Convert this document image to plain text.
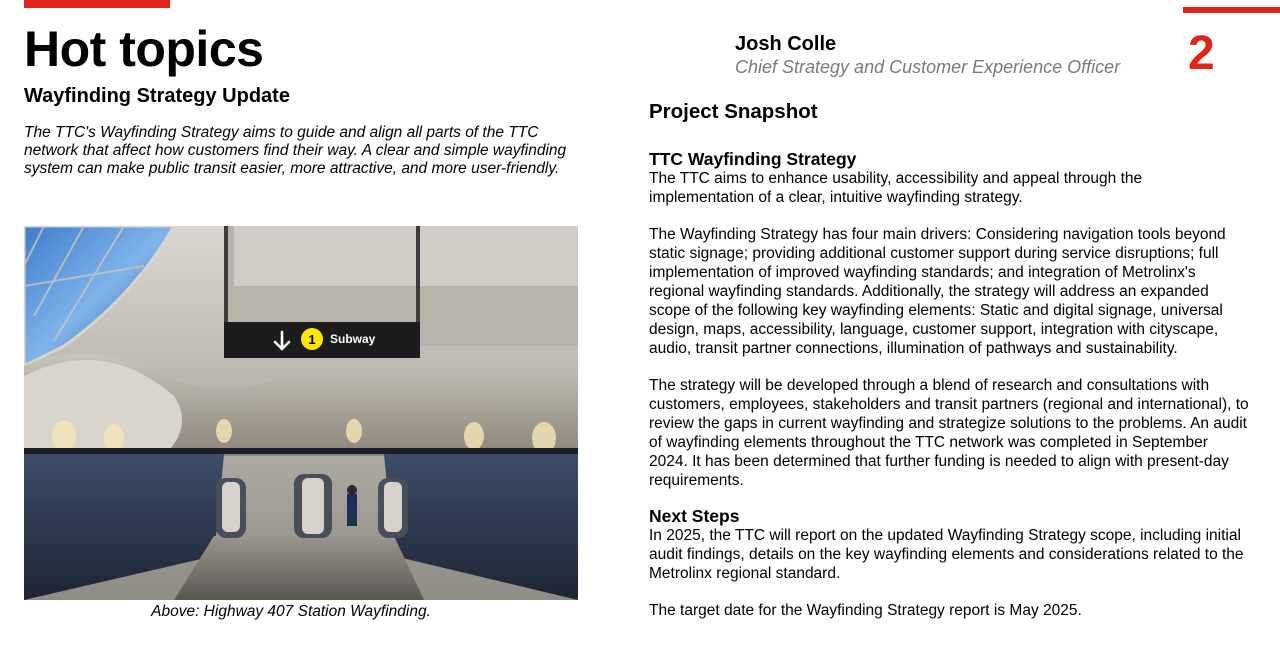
Hot topics
Wayfinding Strategy Update

The TTC's Wayfinding Strategy aims to guide and align all parts of the TTC network that affect how customers find their way. A clear and simple wayfinding system can make public transit easier, more attractive, and more user-friendly.

1 Subway

Above: Highway 407 Station Wayfinding.

Josh Colle
Chief Strategy and Customer Experience Officer 2
Project Snapshot
TTC Wayfinding Strategy

The TTC aims to enhance usability, accessibility and appeal through the implementation of a clear, intuitive wayfinding strategy.

The Wayfinding Strategy has four main drivers: Considering navigation tools beyond static signage; providing additional customer support during service disruptions; full implementation of improved wayfinding standards; and integration of Metrolinx's regional wayfinding standards. Additionally, the strategy will address an expanded scope of the following key wayfinding elements: Static and digital signage, universal design, maps, accessibility, language, customer support, integration with cityscape, audio, transit partner connections, illumination of pathways and sustainability.

The strategy will be developed through a blend of research and consultations with customers, employees, stakeholders and transit partners (regional and international), to review the gaps in current wayfinding and strategize solutions to the problems. An audit of wayfinding elements throughout the TTC network was completed in September 2024. It has been determined that further funding is needed to align with present-day requirements.

Next Steps

In 2025, the TTC will report on the updated Wayfinding Strategy scope, including initial audit findings, details on the key wayfinding elements and considerations related to the Metrolinx regional standard.

The target date for the Wayfinding Strategy report is May 2025.
